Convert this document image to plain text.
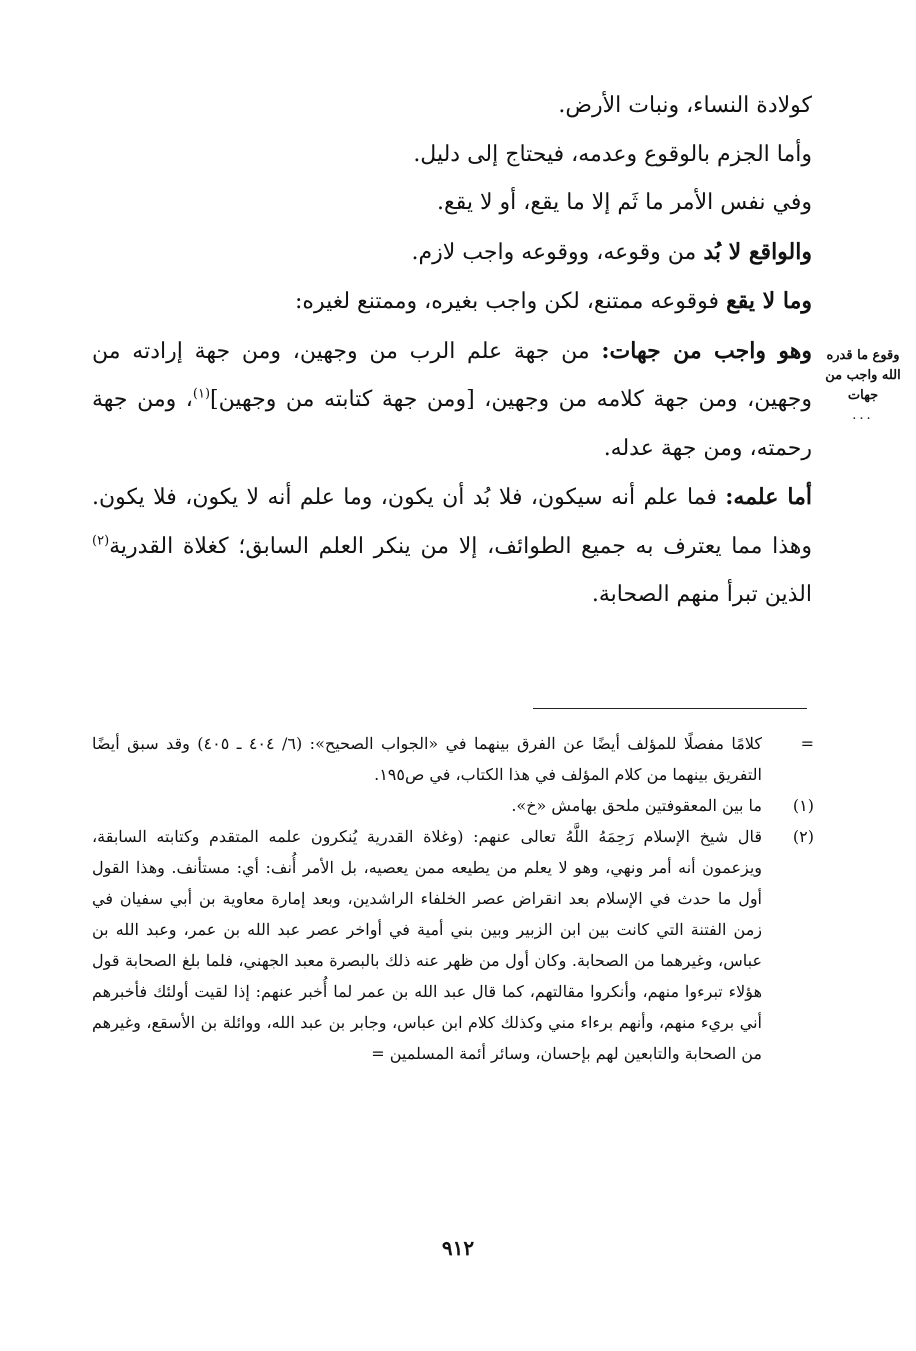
كولادة النساء، ونبات الأرض.

وأما الجزم بالوقوع وعدمه، فيحتاج إلى دليل.

وفي نفس الأمر ما ثَم إلا ما يقع، أو لا يقع.

والواقع لا بُد من وقوعه، ووقوعه واجب لازم.

وما لا يقع فوقوعه ممتنع، لكن واجب بغيره، وممتنع لغيره:

وهو واجب من جهات: من جهة علم الرب من وجهين، ومن جهة إرادته من وجهين، ومن جهة كلامه من وجهين، [ومن جهة كتابته من وجهين]$^{(١)}$، ومن جهة رحمته، ومن جهة عدله.

أما علمه: فما علم أنه سيكون، فلا بُد أن يكون، وما علم أنه لا يكون، فلا يكون. وهذا مما يعترف به جميع الطوائف، إلا من ينكر العلم السابق؛ كغلاة القدرية$^{(٢)}$ الذين تبرأ منهم الصحابة.

وقوع ما قدره الله واجب من جهات
...
=
كلامًا مفصلًا للمؤلف أيضًا عن الفرق بينهما في «الجواب الصحيح»: (٦/ ٤٠٤ ـ ٤٠٥) وقد سبق أيضًا التفريق بينهما من كلام المؤلف في هذا الكتاب، في ص١٩٥.
(١)
ما بين المعقوفتين ملحق بهامش «خ».
(٢)
قال شيخ الإسلام رَحِمَهُ اللَّهُ تعالى عنهم: (وغلاة القدرية يُنكرون علمه المتقدم وكتابته السابقة، ويزعمون أنه أمر ونهي، وهو لا يعلم من يطيعه ممن يعصيه، بل الأمر أُنف: أي: مستأنف. وهذا القول أول ما حدث في الإسلام بعد انقراض عصر الخلفاء الراشدين، وبعد إمارة معاوية بن أبي سفيان في زمن الفتنة التي كانت بين ابن الزبير وبين بني أمية في أواخر عصر عبد الله بن عمر، وعبد الله بن عباس، وغيرهما من الصحابة. وكان أول من ظهر عنه ذلك بالبصرة معبد الجهني، فلما بلغ الصحابة قول هؤلاء تبرءوا منهم، وأنكروا مقالتهم، كما قال عبد الله بن عمر لما أُخبر عنهم: إذا لقيت أولئك فأخبرهم أني بريء منهم، وأنهم برءاء مني وكذلك كلام ابن عباس، وجابر بن عبد الله، ووائلة بن الأسقع، وغيرهم من الصحابة والتابعين لهم بإحسان، وسائر أئمة المسلمين =
٩١٢
